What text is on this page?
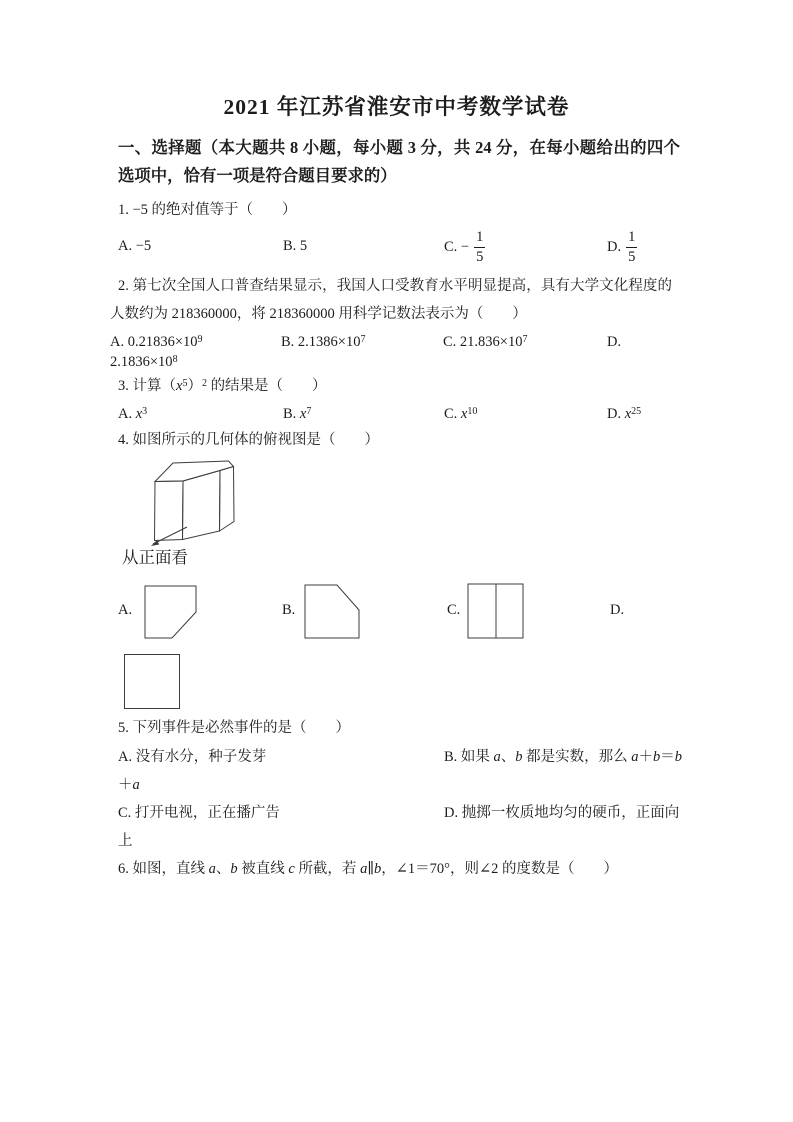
2021 年江苏省淮安市中考数学试卷
一、选择题（本大题共 8 小题，每小题 3 分，共 24 分，在每小题给出的四个选项中，恰有一项是符合题目要求的）
1. −5 的绝对值等于（　　）
A. −5	B. 5	C. − $\frac{1}{5}$	D. $\frac{1}{5}$
2. 第七次全国人口普查结果显示，我国人口受教育水平明显提高，具有大学文化程度的人数约为 218360000，将 218360000 用科学记数法表示为（　　）
A. $0.21836\times 10^9$	B. $2.1386\times 10^7$	C. $21.836\times 10^7$	D.
$2.1836\times 10^8$
3. 计算$(x^5)^2$ 的结果是（　　）
A. $x^3$	B. $x^7$	C. $x^{10}$	D. $x^{25}$
4. 如图所示的几何体的俯视图是（　　）
从正面看
A.	B.	C.	D.
5. 下列事件是必然事件的是（　　）
A. 没有水分，种子发芽	B. 如果 a、b 都是实数，那么 a＋b＝b
＋a
C. 打开电视，正在播广告	D. 抛掷一枚质地均匀的硬币，正面向
上
6. 如图，直线 a、b 被直线 c 所截，若 a∥b，∠1＝70°，则∠2 的度数是（　　）
